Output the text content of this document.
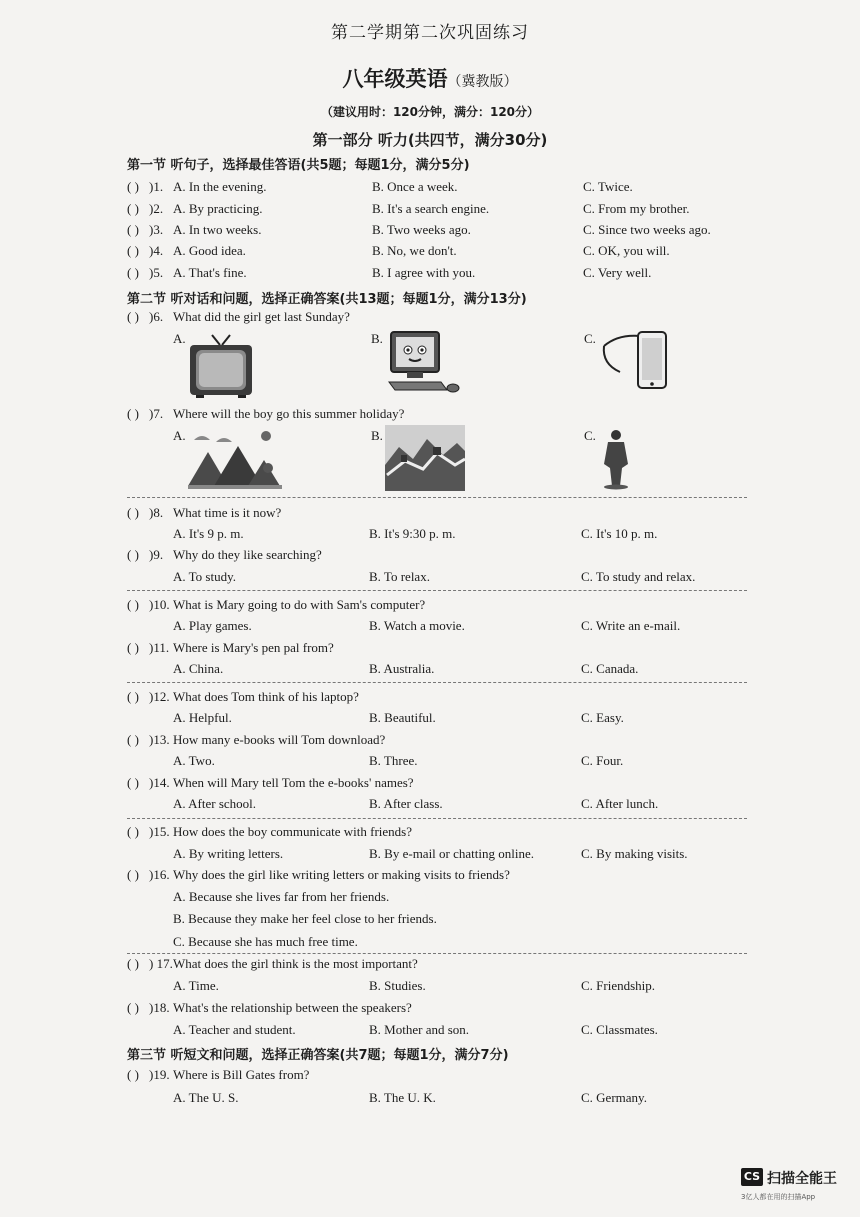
第二学期第二次巩固练习
八年级英语（冀教版）
（建议用时：120分钟，满分：120分）
第一部分 听力(共四节，满分30分)
第一节 听句子，选择最佳答语(共5题；每题1分，满分5分)
( ) )1. A. In the evening.	B. Once a week.	C. Twice.
( ) )2. A. By practicing.	B. It's a search engine.	C. From my brother.
( ) )3. A. In two weeks.	B. Two weeks ago.	C. Since two weeks ago.
( ) )4. A. Good idea.	B. No, we don't.	C. OK, you will.
( ) )5. A. That's fine.	B. I agree with you.	C. Very well.
第二节 听对话和问题，选择正确答案(共13题；每题1分，满分13分)
( ) )6. What did the girl get last Sunday?
A.	B.	C.
( ) )7. Where will the boy go this summer holiday?
A.	B.	C.
( ) )8. What time is it now?
A. It's 9 p. m.	B. It's 9:30 p. m.	C. It's 10 p. m.
( ) )9. Why do they like searching?
A. To study.	B. To relax.	C. To study and relax.
( ) )10. What is Mary going to do with Sam's computer?
A. Play games.	B. Watch a movie.	C. Write an e-mail.
( ) )11. Where is Mary's pen pal from?
A. China.	B. Australia.	C. Canada.
( ) )12. What does Tom think of his laptop?
A. Helpful.	B. Beautiful.	C. Easy.
( ) )13. How many e-books will Tom download?
A. Two.	B. Three.	C. Four.
( ) )14. When will Mary tell Tom the e-books' names?
A. After school.	B. After class.	C. After lunch.
( ) )15. How does the boy communicate with friends?
A. By writing letters.	B. By e-mail or chatting online.	C. By making visits.
( ) )16. Why does the girl like writing letters or making visits to friends?
A. Because she lives far from her friends.
B. Because they make her feel close to her friends.
C. Because she has much free time.
( ) ) 17. What does the girl think is the most important?
A. Time.	B. Studies.	C. Friendship.
( ) )18. What's the relationship between the speakers?
A. Teacher and student.	B. Mother and son.	C. Classmates.
第三节 听短文和问题，选择正确答案(共7题；每题1分，满分7分)
( ) )19. Where is Bill Gates from?
A. The U. S.	B. The U. K.	C. Germany.
CS 扫描全能王
3亿人都在用的扫描App
